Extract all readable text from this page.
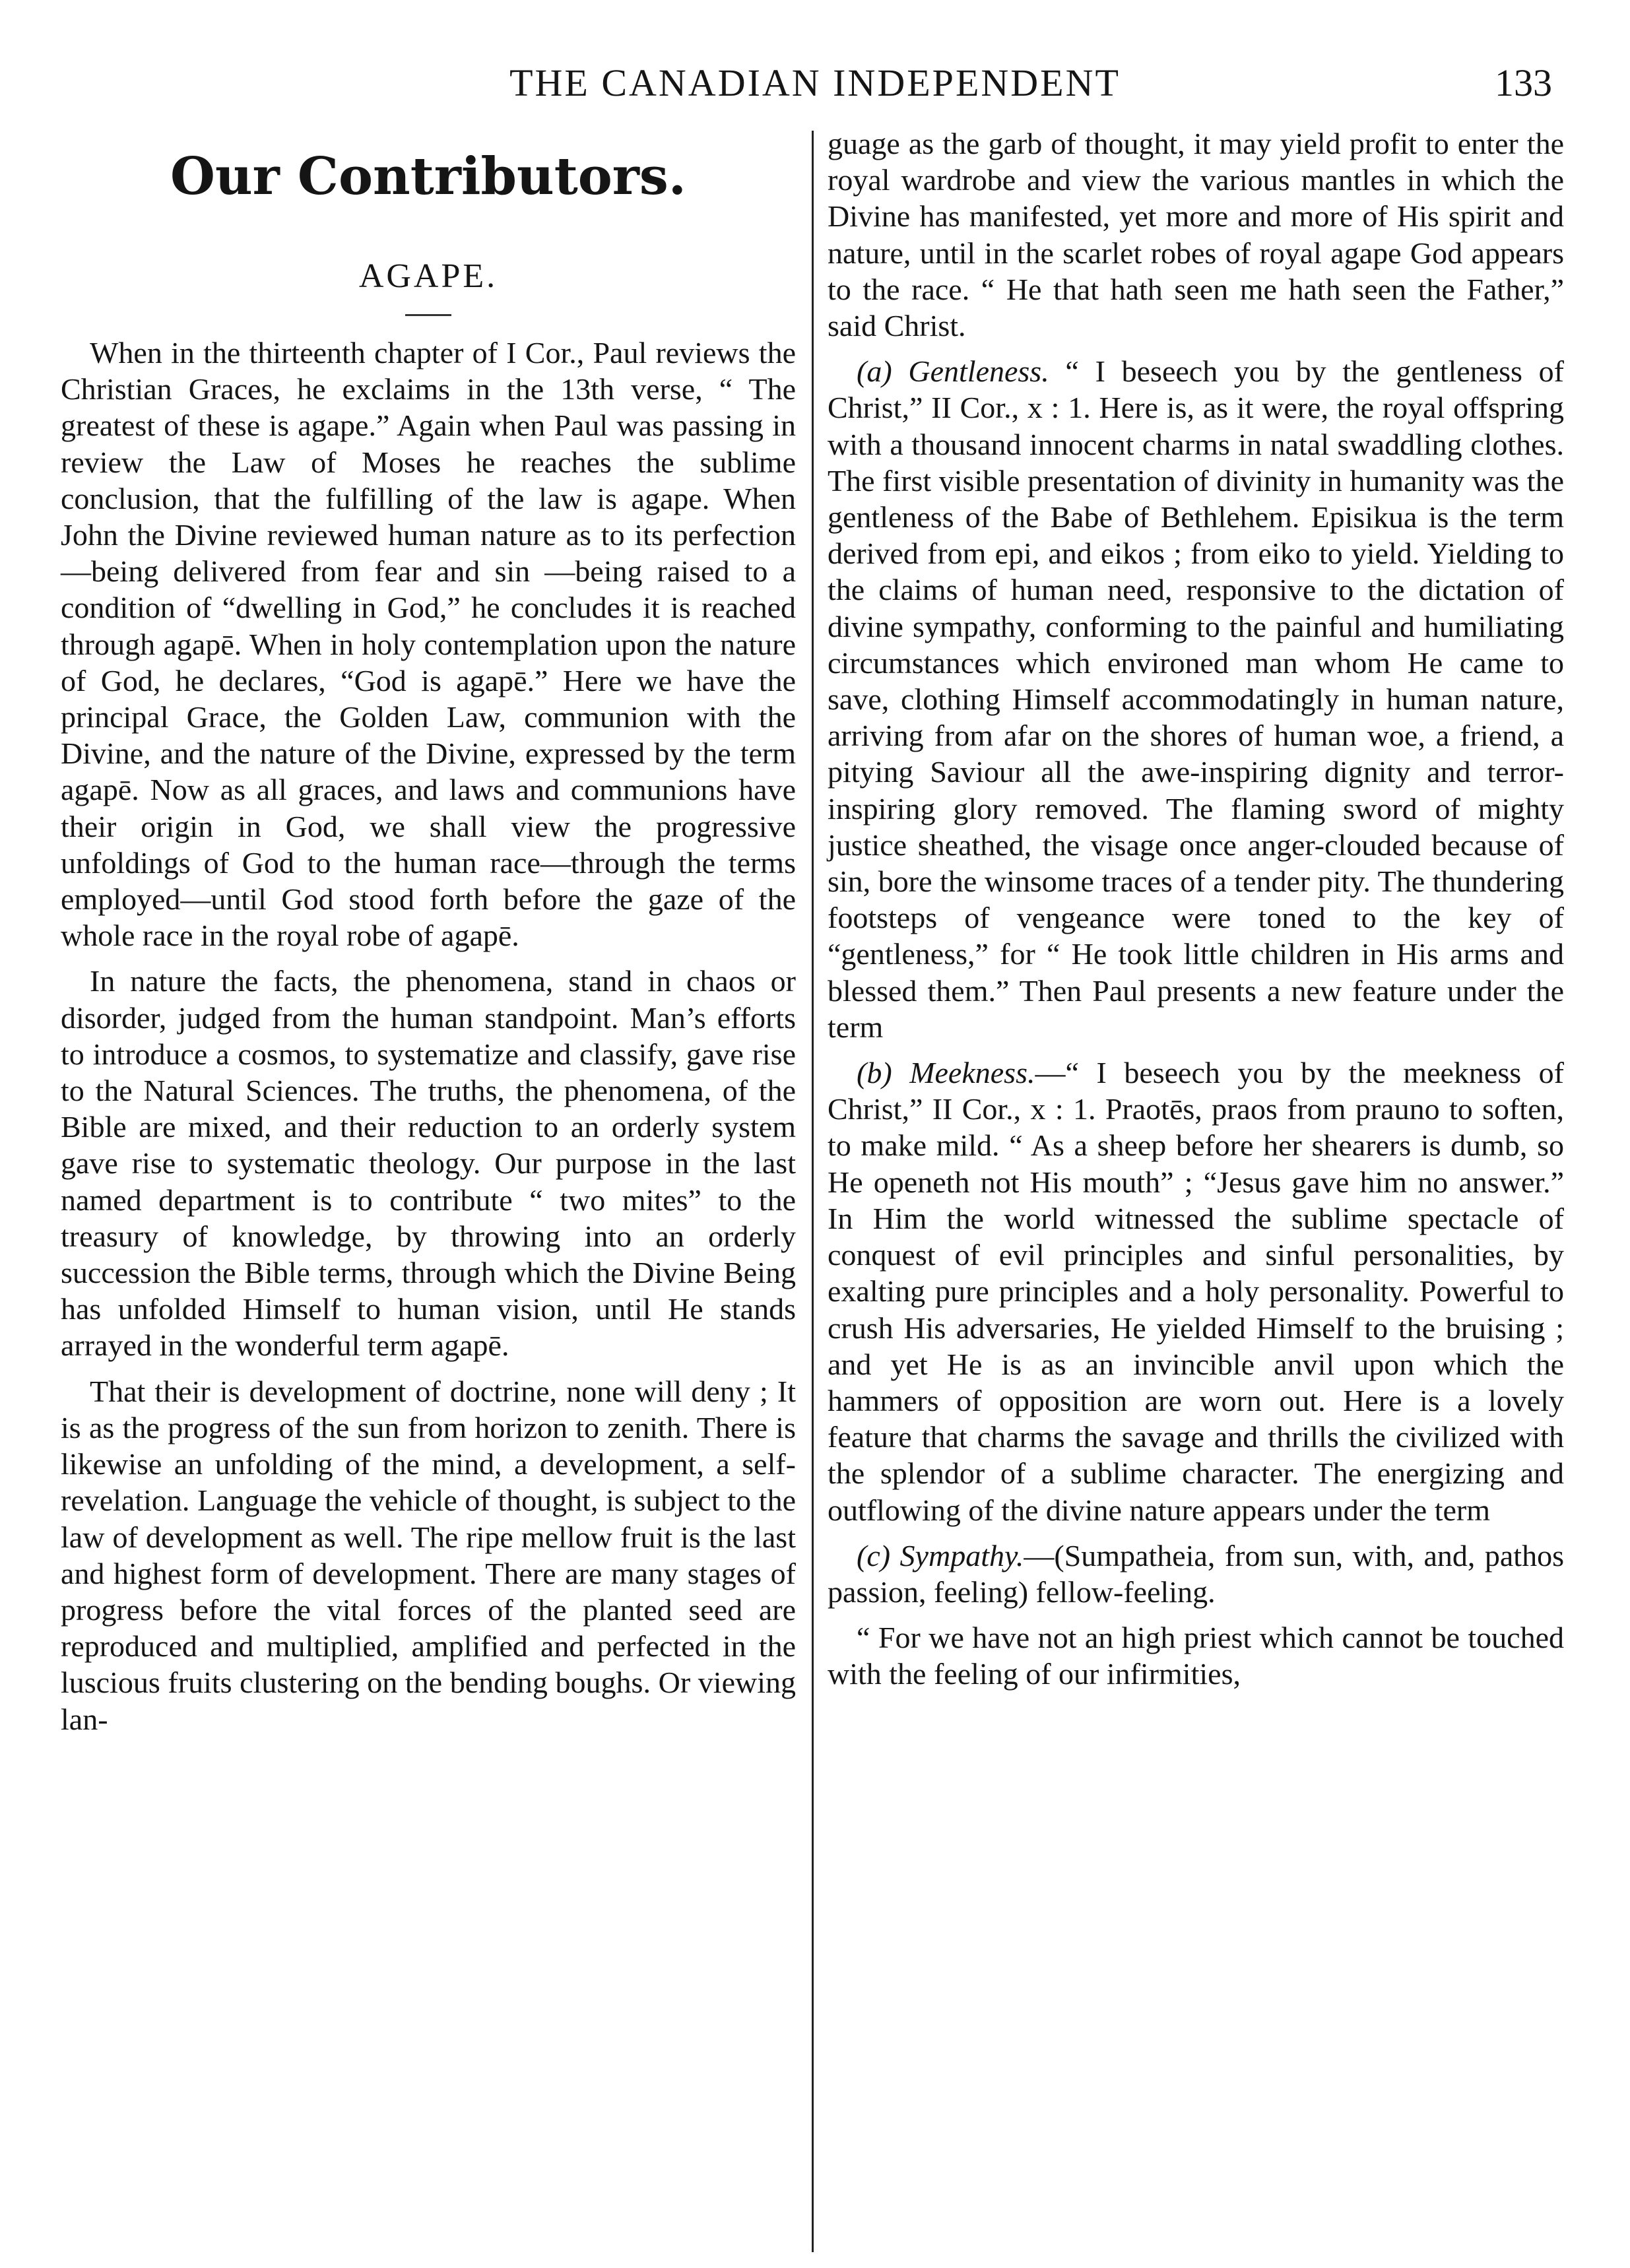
THE CANADIAN INDEPENDENT	133
Our Contributors.
AGAPE.

When in the thirteenth chapter of I Cor., Paul reviews the Christian Graces, he exclaims in the 13th verse, “ The greatest of these is agape.” Again when Paul was passing in review the Law of Moses he reaches the sublime conclusion, that the fulfilling of the law is agape. When John the Divine reviewed human nature as to its perfection—being delivered from fear and sin —being raised to a condition of “dwelling in God,” he concludes it is reached through agapē. When in holy contemplation upon the nature of God, he declares, “God is agapē.” Here we have the principal Grace, the Golden Law, communion with the Divine, and the nature of the Divine, expressed by the term agapē. Now as all graces, and laws and communions have their origin in God, we shall view the progressive unfoldings of God to the human race—through the terms employed—until God stood forth before the gaze of the whole race in the royal robe of agapē.

In nature the facts, the phenomena, stand in chaos or disorder, judged from the human standpoint. Man’s efforts to introduce a cosmos, to systematize and classify, gave rise to the Natural Sciences. The truths, the phenomena, of the Bible are mixed, and their reduction to an orderly system gave rise to systematic theology. Our purpose in the last named department is to contribute “ two mites” to the treasury of knowledge, by throwing into an orderly succession the Bible terms, through which the Divine Being has unfolded Himself to human vision, until He stands arrayed in the wonderful term agapē.

That their is development of doctrine, none will deny ; It is as the progress of the sun from horizon to zenith. There is likewise an unfolding of the mind, a development, a self-revelation. Language the vehicle of thought, is subject to the law of development as well. The ripe mellow fruit is the last and highest form of development. There are many stages of progress before the vital forces of the planted seed are reproduced and multiplied, amplified and perfected in the luscious fruits clustering on the bending boughs. Or viewing lan-

guage as the garb of thought, it may yield profit to enter the royal wardrobe and view the various mantles in which the Divine has manifested, yet more and more of His spirit and nature, until in the scarlet robes of royal agape God appears to the race. “ He that hath seen me hath seen the Father,” said Christ.

(a) Gentleness. “ I beseech you by the gentleness of Christ,” II Cor., x : 1. Here is, as it were, the royal offspring with a thousand innocent charms in natal swaddling clothes. The first visible presentation of divinity in humanity was the gentleness of the Babe of Bethlehem. Episikua is the term derived from epi, and eikos ; from eiko to yield. Yielding to the claims of human need, responsive to the dictation of divine sympathy, conforming to the painful and humiliating circumstances which environed man whom He came to save, clothing Himself accommodatingly in human nature, arriving from afar on the shores of human woe, a friend, a pitying Saviour all the awe-inspiring dignity and terror-inspiring glory removed. The flaming sword of mighty justice sheathed, the visage once anger-clouded because of sin, bore the winsome traces of a tender pity. The thundering footsteps of vengeance were toned to the key of “gentleness,” for “ He took little children in His arms and blessed them.” Then Paul presents a new feature under the term

(b) Meekness.—“ I beseech you by the meekness of Christ,” II Cor., x : 1. Praotēs, praos from prauno to soften, to make mild. “ As a sheep before her shearers is dumb, so He openeth not His mouth” ; “Jesus gave him no answer.” In Him the world witnessed the sublime spectacle of conquest of evil principles and sinful personalities, by exalting pure principles and a holy personality. Powerful to crush His adversaries, He yielded Himself to the bruising ; and yet He is as an invincible anvil upon which the hammers of opposition are worn out. Here is a lovely feature that charms the savage and thrills the civilized with the splendor of a sublime character. The energizing and outflowing of the divine nature appears under the term

(c) Sympathy.—(Sumpatheia, from sun, with, and, pathos passion, feeling) fellow-feeling.

“ For we have not an high priest which cannot be touched with the feeling of our infirmities,
